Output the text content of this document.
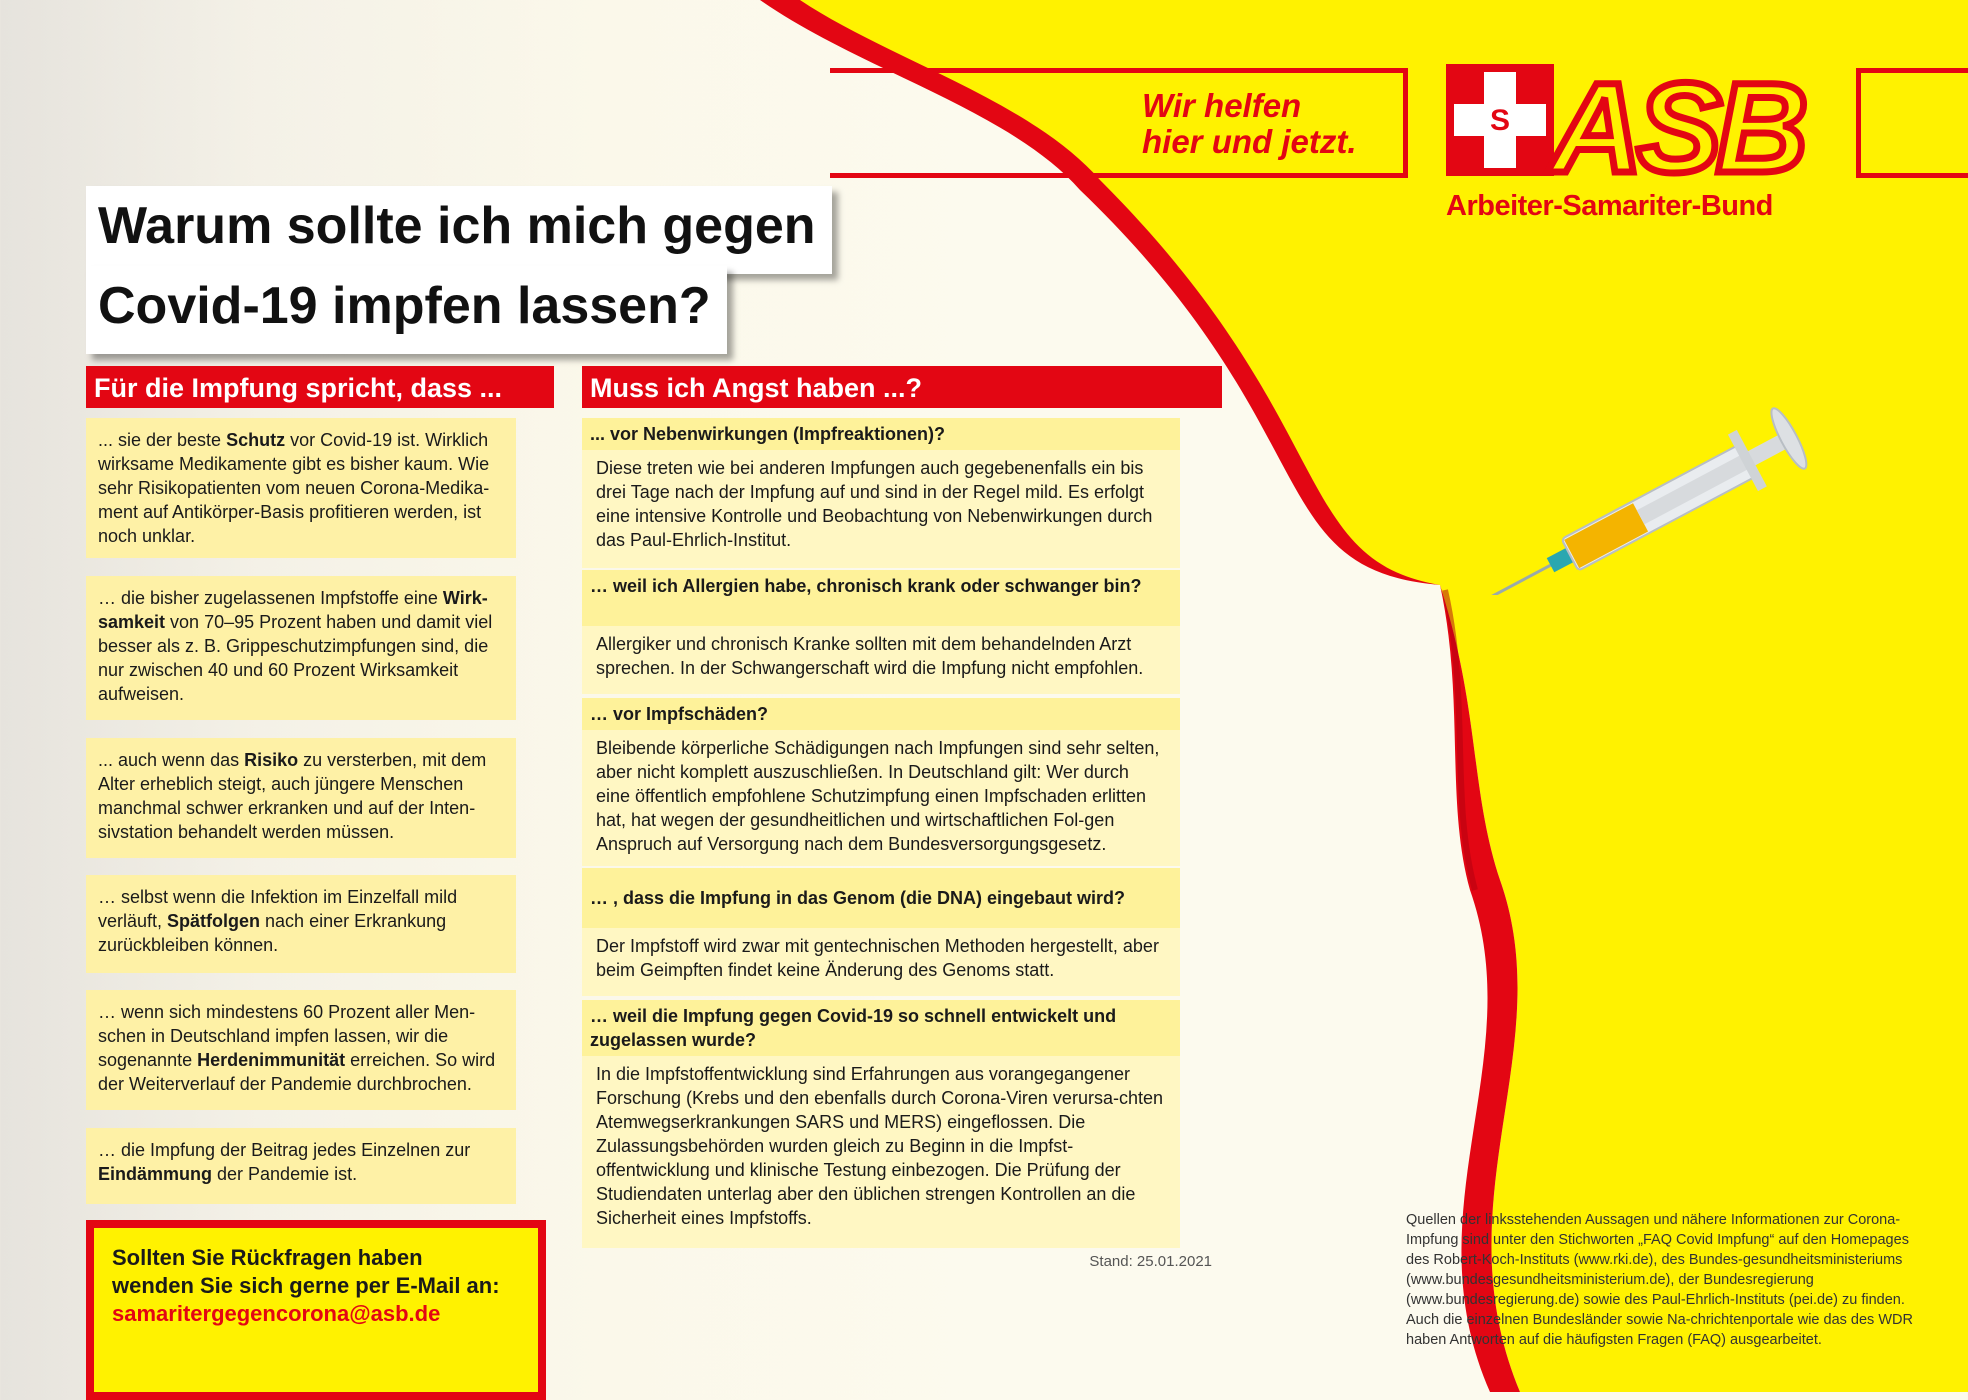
Warum sollte ich mich gegen
Covid-19 impfen lassen?
Für die Impfung spricht, dass ...
... sie der beste Schutz vor Covid-19 ist. Wirklich wirksame Medikamente gibt es bisher kaum. Wie sehr Risikopatienten vom neuen Corona-Medika-ment auf Antikörper-Basis profitieren werden, ist noch unklar.
… die bisher zugelassenen Impfstoffe eine Wirk-samkeit von 70–95 Prozent haben und damit viel besser als z. B. Grippeschutzimpfungen sind, die nur zwischen 40 und 60 Prozent Wirksamkeit aufweisen.
... auch wenn das Risiko zu versterben, mit dem Alter erheblich steigt, auch jüngere Menschen manchmal schwer erkranken und auf der Inten-sivstation behandelt werden müssen.
… selbst wenn die Infektion im Einzelfall mild verläuft, Spätfolgen nach einer Erkrankung zurückbleiben können.
… wenn sich mindestens 60 Prozent aller Men-schen in Deutschland impfen lassen, wir die sogenannte Herdenimmunität erreichen. So wird der Weiterverlauf der Pandemie durchbrochen.
… die Impfung der Beitrag jedes Einzelnen zur Eindämmung der Pandemie ist.
Sollten Sie Rückfragen haben
wenden Sie sich gerne per E-Mail an:
samaritergegencorona@asb.de
Muss ich Angst haben ...?
... vor Nebenwirkungen (Impfreaktionen)?
Diese treten wie bei anderen Impfungen auch gegebenenfalls ein bis drei Tage nach der Impfung auf und sind in der Regel mild. Es erfolgt eine intensive Kontrolle und Beobachtung von Nebenwirkungen durch das Paul-Ehrlich-Institut.
… weil ich Allergien habe, chronisch krank oder schwanger bin?
Allergiker und chronisch Kranke sollten mit dem behandelnden Arzt sprechen. In der Schwangerschaft wird die Impfung nicht empfohlen.
… vor Impfschäden?
Bleibende körperliche Schädigungen nach Impfungen sind sehr selten, aber nicht komplett auszuschließen. In Deutschland gilt: Wer durch eine öffentlich empfohlene Schutzimpfung einen Impfschaden erlitten hat, hat wegen der gesundheitlichen und wirtschaftlichen Fol-gen Anspruch auf Versorgung nach dem Bundesversorgungsgesetz.
… , dass die Impfung in das Genom (die DNA) eingebaut wird?
Der Impfstoff wird zwar mit gentechnischen Methoden hergestellt, aber beim Geimpften findet keine Änderung des Genoms statt.
… weil die Impfung gegen Covid-19 so schnell entwickelt und zugelassen wurde?
In die Impfstoffentwicklung sind Erfahrungen aus vorangegangener Forschung (Krebs und den ebenfalls durch Corona-Viren verursa-chten Atemwegserkrankungen SARS und MERS) eingeflossen. Die Zulassungsbehörden wurden gleich zu Beginn in die Impfst-offentwicklung und klinische Testung einbezogen. Die Prüfung der Studiendaten unterlag aber den üblichen strengen Kontrollen an die Sicherheit eines Impfstoffs.
Stand: 25.01.2021
Wir helfen
hier und jetzt.
S ASB
Arbeiter-Samariter-Bund
Quellen der linksstehenden Aussagen und nähere Informationen zur Corona-Impfung sind unter den Stichworten „FAQ Covid Impfung“ auf den Homepages des Robert-Koch-Instituts (www.rki.de), des Bundes-gesundheitsministeriums (www.bundesgesundheitsministerium.de), der Bundesregierung (www.bundesregierung.de) sowie des Paul-Ehrlich-Instituts (pei.de) zu finden. Auch die einzelnen Bundesländer sowie Na-chrichtenportale wie das des WDR haben Antworten auf die häufigsten Fragen (FAQ) ausgearbeitet.
